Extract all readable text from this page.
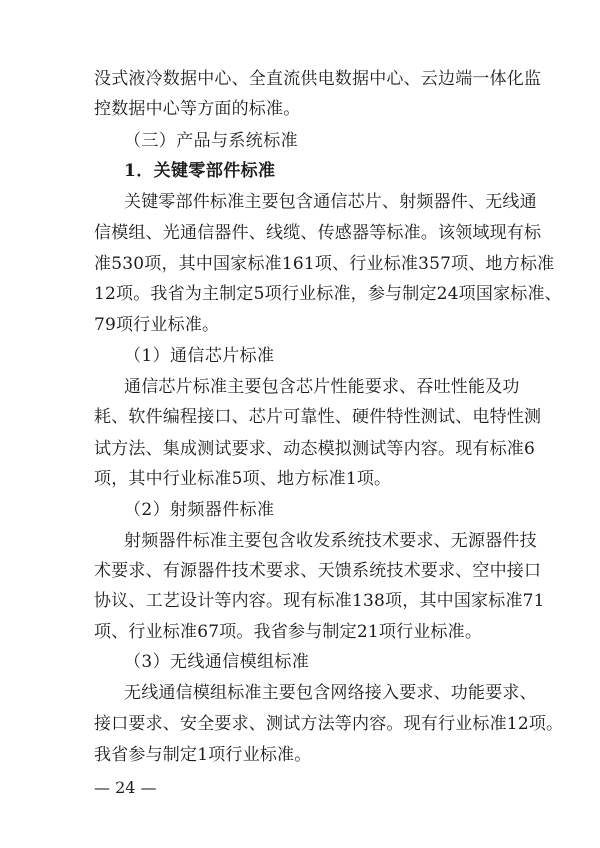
没式液冷数据中心、全直流供电数据中心、云边端一体化监
控数据中心等方面的标准。
（三）产品与系统标准
1．关键零部件标准
关键零部件标准主要包含通信芯片、射频器件、无线通
信模组、光通信器件、线缆、传感器等标准。该领域现有标
准530项，其中国家标准161项、行业标准357项、地方标准
12项。我省为主制定5项行业标准，参与制定24项国家标准、
79项行业标准。
（1）通信芯片标准
通信芯片标准主要包含芯片性能要求、吞吐性能及功
耗、软件编程接口、芯片可靠性、硬件特性测试、电特性测
试方法、集成测试要求、动态模拟测试等内容。现有标准6
项，其中行业标准5项、地方标准1项。
（2）射频器件标准
射频器件标准主要包含收发系统技术要求、无源器件技
术要求、有源器件技术要求、天馈系统技术要求、空中接口
协议、工艺设计等内容。现有标准138项，其中国家标准71
项、行业标准67项。我省参与制定21项行业标准。
（3）无线通信模组标准
无线通信模组标准主要包含网络接入要求、功能要求、
接口要求、安全要求、测试方法等内容。现有行业标准12项。
我省参与制定1项行业标准。
— 24 —
